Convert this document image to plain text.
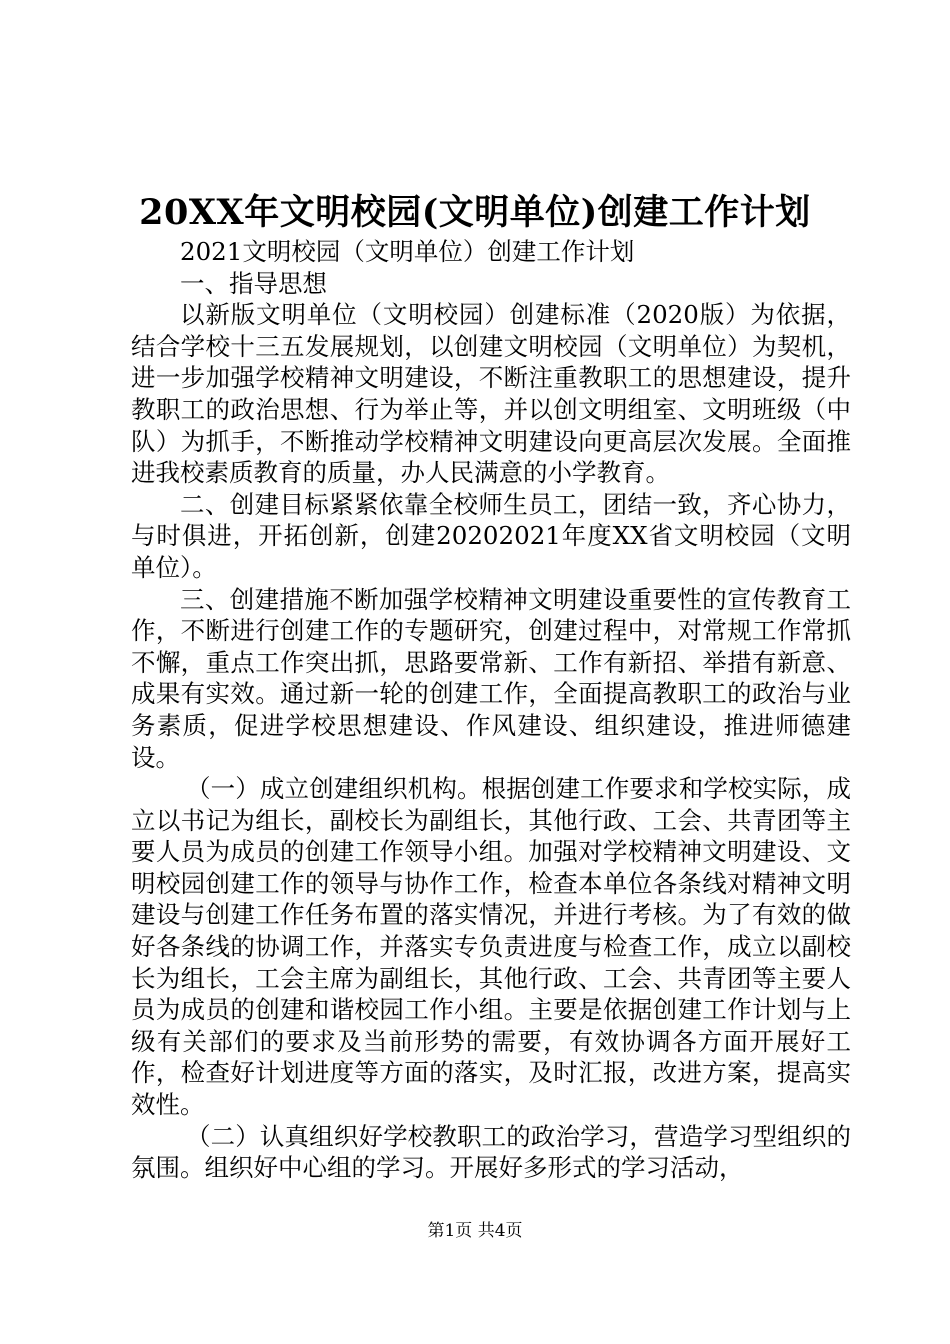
20XX年文明校园(文明单位)创建工作计划

2021文明校园（文明单位）创建工作计划

一、指导思想

以新版文明单位（文明校园）创建标准（2020版）为依据，结合学校十三五发展规划，以创建文明校园（文明单位）为契机，进一步加强学校精神文明建设，不断注重教职工的思想建设，提升教职工的政治思想、行为举止等，并以创文明组室、文明班级（中队）为抓手，不断推动学校精神文明建设向更高层次发展。全面推进我校素质教育的质量，办人民满意的小学教育。

二、创建目标紧紧依靠全校师生员工，团结一致，齐心协力，与时俱进，开拓创新，创建20202021年度XX省文明校园（文明单位）。

三、创建措施不断加强学校精神文明建设重要性的宣传教育工作，不断进行创建工作的专题研究，创建过程中，对常规工作常抓不懈，重点工作突出抓，思路要常新、工作有新招、举措有新意、成果有实效。通过新一轮的创建工作，全面提高教职工的政治与业务素质，促进学校思想建设、作风建设、组织建设，推进师德建设。

（一）成立创建组织机构。根据创建工作要求和学校实际，成立以书记为组长，副校长为副组长，其他行政、工会、共青团等主要人员为成员的创建工作领导小组。加强对学校精神文明建设、文明校园创建工作的领导与协作工作，检查本单位各条线对精神文明建设与创建工作任务布置的落实情况，并进行考核。为了有效的做好各条线的协调工作，并落实专负责进度与检查工作，成立以副校长为组长，工会主席为副组长，其他行政、工会、共青团等主要人员为成员的创建和谐校园工作小组。主要是依据创建工作计划与上级有关部们的要求及当前形势的需要，有效协调各方面开展好工作，检查好计划进度等方面的落实，及时汇报，改进方案，提高实效性。

（二）认真组织好学校教职工的政治学习，营造学习型组织的氛围。组织好中心组的学习。开展好多形式的学习活动，

第1页 共4页
